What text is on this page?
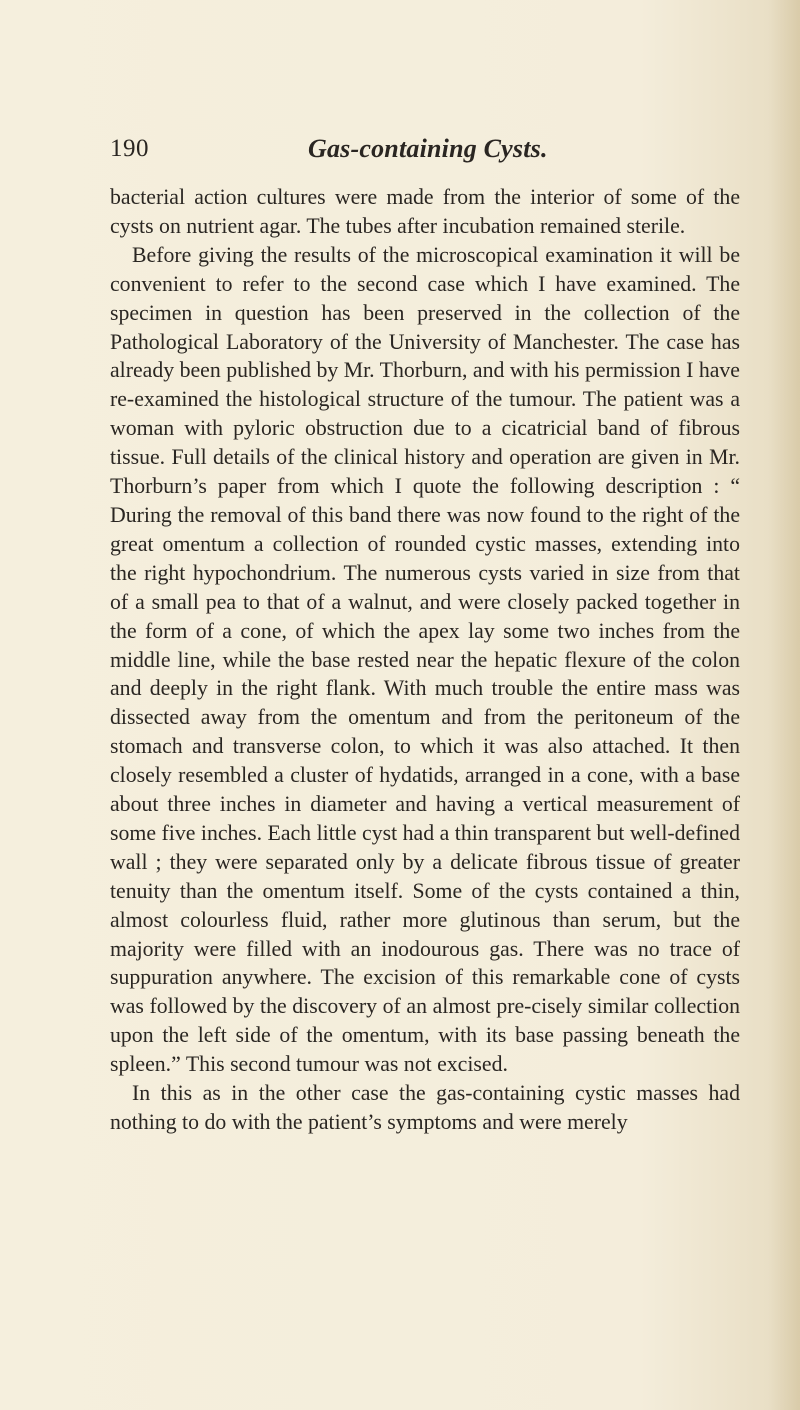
190	Gas-containing Cysts.

bacterial action cultures were made from the interior of some of the cysts on nutrient agar. The tubes after incubation remained sterile.

Before giving the results of the microscopical examination it will be convenient to refer to the second case which I have examined. The specimen in question has been preserved in the collection of the Pathological Laboratory of the University of Manchester. The case has already been published by Mr. Thorburn, and with his permission I have re-examined the histological structure of the tumour. The patient was a woman with pyloric obstruction due to a cicatricial band of fibrous tissue. Full details of the clinical history and operation are given in Mr. Thorburn’s paper from which I quote the following description : “ During the removal of this band there was now found to the right of the great omentum a collection of rounded cystic masses, extending into the right hypochondrium. The numerous cysts varied in size from that of a small pea to that of a walnut, and were closely packed together in the form of a cone, of which the apex lay some two inches from the middle line, while the base rested near the hepatic flexure of the colon and deeply in the right flank. With much trouble the entire mass was dissected away from the omentum and from the peritoneum of the stomach and transverse colon, to which it was also attached. It then closely resembled a cluster of hydatids, arranged in a cone, with a base about three inches in diameter and having a vertical measurement of some five inches. Each little cyst had a thin transparent but well-defined wall ; they were separated only by a delicate fibrous tissue of greater tenuity than the omentum itself. Some of the cysts contained a thin, almost colourless fluid, rather more glutinous than serum, but the majority were filled with an inodourous gas. There was no trace of suppuration anywhere. The excision of this remarkable cone of cysts was followed by the discovery of an almost pre-cisely similar collection upon the left side of the omentum, with its base passing beneath the spleen.” This second tumour was not excised.

In this as in the other case the gas-containing cystic masses had nothing to do with the patient’s symptoms and were merely
